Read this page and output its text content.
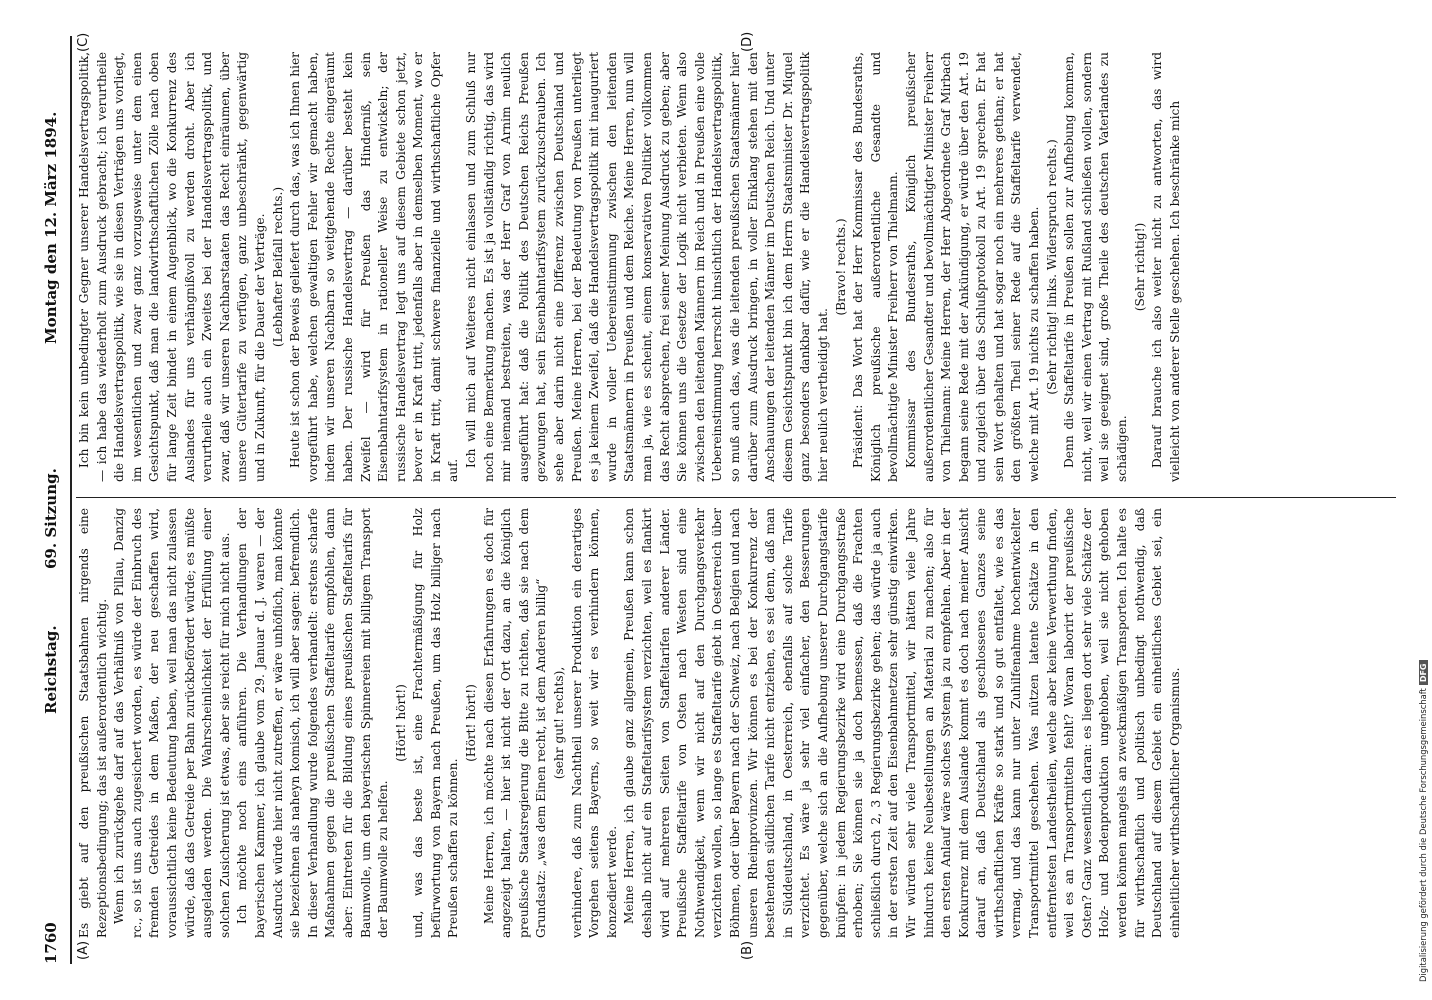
1760
Reichstag.
69. Sitzung.
Montag den 12. März 1894.
(A)	(B)
(C)	(D)

Es giebt auf den preußischen Staatsbahnen nirgends eine Rezeptionsbedingung; das ist außerordentlich wichtig. Wenn ich zurückgehe darf auf das Verhältniß von Pillau, Danzig rc., so ist uns auch zugesichert worden, es würde der Einbruch des fremden Getreides in dem Maßen, der neu geschaffen wird, voraussichtlich keine Bedeutung haben, weil man das nicht zulassen würde, daß das Getreide per Bahn zurückbefördert würde; es müßte ausgeladen werden. Die Wahrscheinlichkeit der Erfüllung einer solchen Zusicherung ist etwas, aber sie reicht für mich nicht aus. Ich möchte noch eins anführen. Die Verhandlungen der bayerischen Kammer, ich glaube vom 29. Januar d. J. waren — der Ausdruck würde hier nicht zutreffen, er wäre unhöflich, man könnte sie bezeichnen als naheyn komisch, ich will aber sagen: befremdlich. In dieser Verhandlung wurde folgendes verhandelt: erstens scharfe Maßnahmen gegen die preußischen Staffeltarife empfohlen, dann aber: Eintreten für die Bildung eines preußischen Staffeltarifs für Baumwolle, um den bayerischen Spinnereien mit billigem Transport der Baumwolle zu helfen.

(Hört! hört!) und, was das beste ist, eine Frachtermäßigung für Holz befürwortung von Bayern nach Preußen, um das Holz billiger nach Preußen schaffen zu können.

(Hört! hört!) Meine Herren, ich möchte nach diesen Erfahrungen es doch für angezeigt halten, — hier ist nicht der Ort dazu, an die königlich preußische Staatsregierung die Bitte zu richten, daß sie nach dem Grundsatz: „was dem Einen recht, ist dem Anderen billig“ (sehr gut! rechts), verhindere, daß zum Nachtheil unserer Produktion ein derartiges Vorgehen seitens Bayerns, so weit wir es verhindern können, konzediert werde. Meine Herren, ich glaube ganz allgemein, Preußen kann schon deshalb nicht auf ein Staffeltarifsystem verzichten, weil es flankirt wird auf mehreren Seiten von Staffeltarifen anderer Länder. Preußische Staffeltarife von Osten nach Westen sind eine Nothwendigkeit, wenn wir nicht auf den Durchgangsverkehr verzichten wollen, so lange es Staffeltarife giebt in Oesterreich über Böhmen, oder über Bayern nach der Schweiz, nach Belgien und nach unseren Rheinprovinzen. Wir können es bei der Konkurrenz der bestehenden südlichen Tarife nicht entziehen, es sei denn, daß man in Süddeutschland, in Oesterreich, ebenfalls auf solche Tarife verzichtet. Es wäre ja sehr viel einfacher, den Besserungen gegenüber, welche sich an die Aufhebung unserer Durchgangstarife knüpfen: in jedem Regierungsbezirke wird eine Durchgangsstraße erhoben; Sie können sie ja doch bemessen, daß die Frachten schließlich durch 2, 3 Regierungsbezirke gehen; das würde ja auch in der ersten Zeit auf den Eisenbahnnetzen sehr günstig einwirken. Wir würden sehr viele Transportmittel, wir hätten viele Jahre hindurch keine Neubestellungen an Material zu machen; also für den ersten Anlauf wäre solches System ja zu empfehlen. Aber in der Konkurrenz mit dem Auslande kommt es doch nach meiner Ansicht darauf an, daß Deutschland als geschlossenes Ganzes seine wirthschaftlichen Kräfte so stark und so gut entfaltet, wie es das vermag, und das kann nur unter Zuhilfenahme hochentwickelter Transportmittel geschehen. Was nützen latente Schätze in den entferntesten Landestheilen, welche aber keine Verwerthung finden, weil es an Transportmitteln fehlt? Woran laborirt der preußische Osten? Ganz wesentlich daran: es liegen dort sehr viele Schätze der Holz- und Bodenproduktion ungehoben, weil sie nicht gehoben werden können mangels an zweckmäßigen Transporten. Ich halte es für wirthschaftlich und politisch unbedingt nothwendig, daß Deutschland auf diesem Gebiet ein einheitliches Gebiet sei, ein einheitlicher wirthschaftlicher Organismus.

Ich bin kein unbedingter Gegner unserer Handelsvertragspolitik, — ich habe das wiederholt zum Ausdruck gebracht; ich verurtheile die Handelsvertragspolitik, wie sie in diesen Verträgen uns vorliegt, im wesentlichen und zwar ganz vorzugsweise unter dem einen Gesichtspunkt, daß man die landwirthschaftlichen Zölle nach oben für lange Zeit bindet in einem Augenblick, wo die Konkurrenz des Auslandes für uns verhängnißvoll zu werden droht. Aber ich verurtheile auch ein Zweites bei der Handelsvertragspolitik, und zwar, daß wir unseren Nachbarstaaten das Recht einräumen, über unsere Gütertarife zu verfügen, ganz unbeschränkt, gegenwärtig und in Zukunft, für die Dauer der Verträge. (Lebhafter Beifall rechts.) Heute ist schon der Beweis geliefert durch das, was ich Ihnen hier vorgeführt habe, welchen gewaltigen Fehler wir gemacht haben, indem wir unseren Nachbarn so weitgehende Rechte eingeräumt haben. Der russische Handelsvertrag — darüber besteht kein Zweifel — wird für Preußen das Hinderniß, sein Eisenbahntarifsystem in rationeller Weise zu entwickeln; der russische Handelsvertrag legt uns auf diesem Gebiete schon jetzt, bevor er in Kraft tritt, jedenfalls aber in demselben Moment, wo er in Kraft tritt, damit schwere finanzielle und wirthschaftliche Opfer auf.

Ich will mich auf Weiteres nicht einlassen und zum Schluß nur noch eine Bemerkung machen. Es ist ja vollständig richtig, das wird mir niemand bestreiten, was der Herr Graf von Arnim neulich ausgeführt hat: daß die Politik des Deutschen Reichs Preußen gezwungen hat, sein Eisenbahntarifsystem zurückzuschrauben. Ich sehe aber darin nicht eine Differenz zwischen Deutschland und Preußen. Meine Herren, bei der Bedeutung von Preußen unterliegt es ja keinem Zweifel, daß die Handelsvertragspolitik mit inauguriert wurde in voller Uebereinstimmung zwischen den leitenden Staatsmännern in Preußen und dem Reiche. Meine Herren, nun will man ja, wie es scheint, einem konservativen Politiker vollkommen das Recht absprechen, frei seiner Meinung Ausdruck zu geben; aber Sie können uns die Gesetze der Logik nicht verbieten. Wenn also zwischen den leitenden Männern im Reich und in Preußen eine volle Uebereinstimmung herrscht hinsichtlich der Handelsvertragspolitik, so muß auch das, was die leitenden preußischen Staatsmänner hier darüber zum Ausdruck bringen, in voller Einklang stehen mit den Anschauungen der leitenden Männer im Deutschen Reich. Und unter diesem Gesichtspunkt bin ich dem Herrn Staatsminister Dr. Miquel ganz besonders dankbar dafür, wie er die Handelsvertragspolitik hier neulich vertheidigt hat.

(Bravo! rechts.) Präsident: Das Wort hat der Herr Kommissar des Bundesraths, Königlich preußische außerordentliche Gesandte und bevollmächtigte Minister Freiherr von Thielmann. Kommissar des Bundesraths, Königlich preußischer außerordentlicher Gesandter und bevollmächtigter Minister Freiherr von Thielmann: Meine Herren, der Herr Abgeordnete Graf Mirbach begann seine Rede mit der Ankündigung, er würde über den Art. 19 und zugleich über das Schlußprotokoll zu Art. 19 sprechen. Er hat sein Wort gehalten und hat sogar noch ein mehreres gethan; er hat den größten Theil seiner Rede auf die Staffeltarife verwendet, welche mit Art. 19 nichts zu schaffen haben. (Sehr richtig! links. Widerspruch rechts.) Denn die Staffeltarife in Preußen sollen zur Aufhebung kommen, nicht, weil wir einen Vertrag mit Rußland schließen wollen, sondern weil sie geeignet sind, große Theile des deutschen Vaterlandes zu schädigen.

(Sehr richtig!) Darauf brauche ich also weiter nicht zu antworten, das wird vielleicht von anderer Stelle geschehen. Ich beschränke mich

Digitalisierung gefördert durch die Deutsche ForschungsgemeinschaftDFG
